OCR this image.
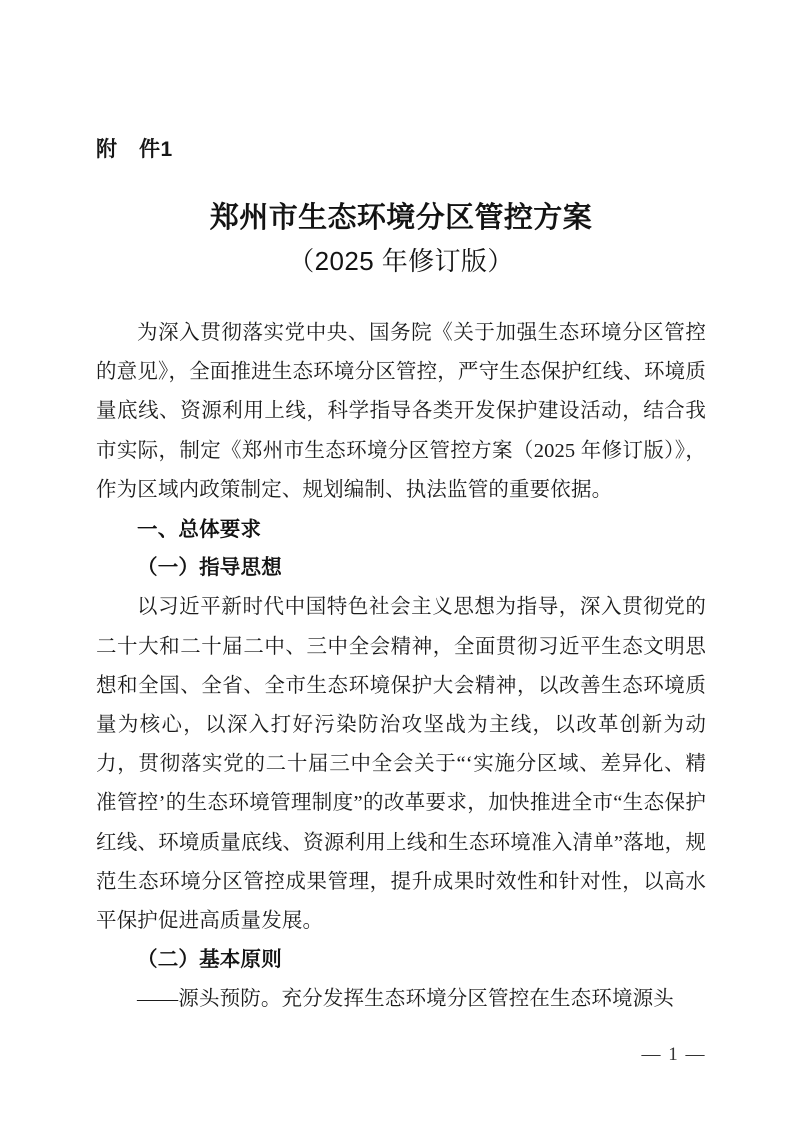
附　件1
郑州市生态环境分区管控方案
（2025 年修订版）

为深入贯彻落实党中央、国务院《关于加强生态环境分区管控的意见》，全面推进生态环境分区管控，严守生态保护红线、环境质量底线、资源利用上线，科学指导各类开发保护建设活动，结合我市实际，制定《郑州市生态环境分区管控方案（2025 年修订版）》，作为区域内政策制定、规划编制、执法监管的重要依据。

一、总体要求
（一）指导思想

以习近平新时代中国特色社会主义思想为指导，深入贯彻党的二十大和二十届二中、三中全会精神，全面贯彻习近平生态文明思想和全国、全省、全市生态环境保护大会精神，以改善生态环境质量为核心，以深入打好污染防治攻坚战为主线，以改革创新为动力，贯彻落实党的二十届三中全会关于“‘实施分区域、差异化、精准管控’的生态环境管理制度”的改革要求，加快推进全市“生态保护红线、环境质量底线、资源利用上线和生态环境准入清单”落地，规范生态环境分区管控成果管理，提升成果时效性和针对性，以高水平保护促进高质量发展。

（二）基本原则

——源头预防。充分发挥生态环境分区管控在生态环境源头

— 1 —
